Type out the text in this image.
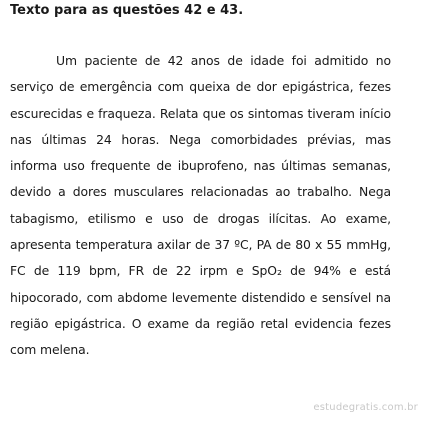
Texto para as questões 42 e 43.

Um paciente de 42 anos de idade foi admitido no serviço de emergência com queixa de dor epigástrica, fezes escurecidas e fraqueza. Relata que os sintomas tiveram início nas últimas 24 horas. Nega comorbidades prévias, mas informa uso frequente de ibuprofeno, nas últimas semanas, devido a dores musculares relacionadas ao trabalho. Nega tabagismo, etilismo e uso de drogas ilícitas. Ao exame, apresenta temperatura axilar de 37 ºC, PA de 80 x 55 mmHg, FC de 119 bpm, FR de 22 irpm e SpO₂ de 94% e está hipocorado, com abdome levemente distendido e sensível na região epigástrica. O exame da região retal evidencia fezes com melena.

estudegratis.com.br
